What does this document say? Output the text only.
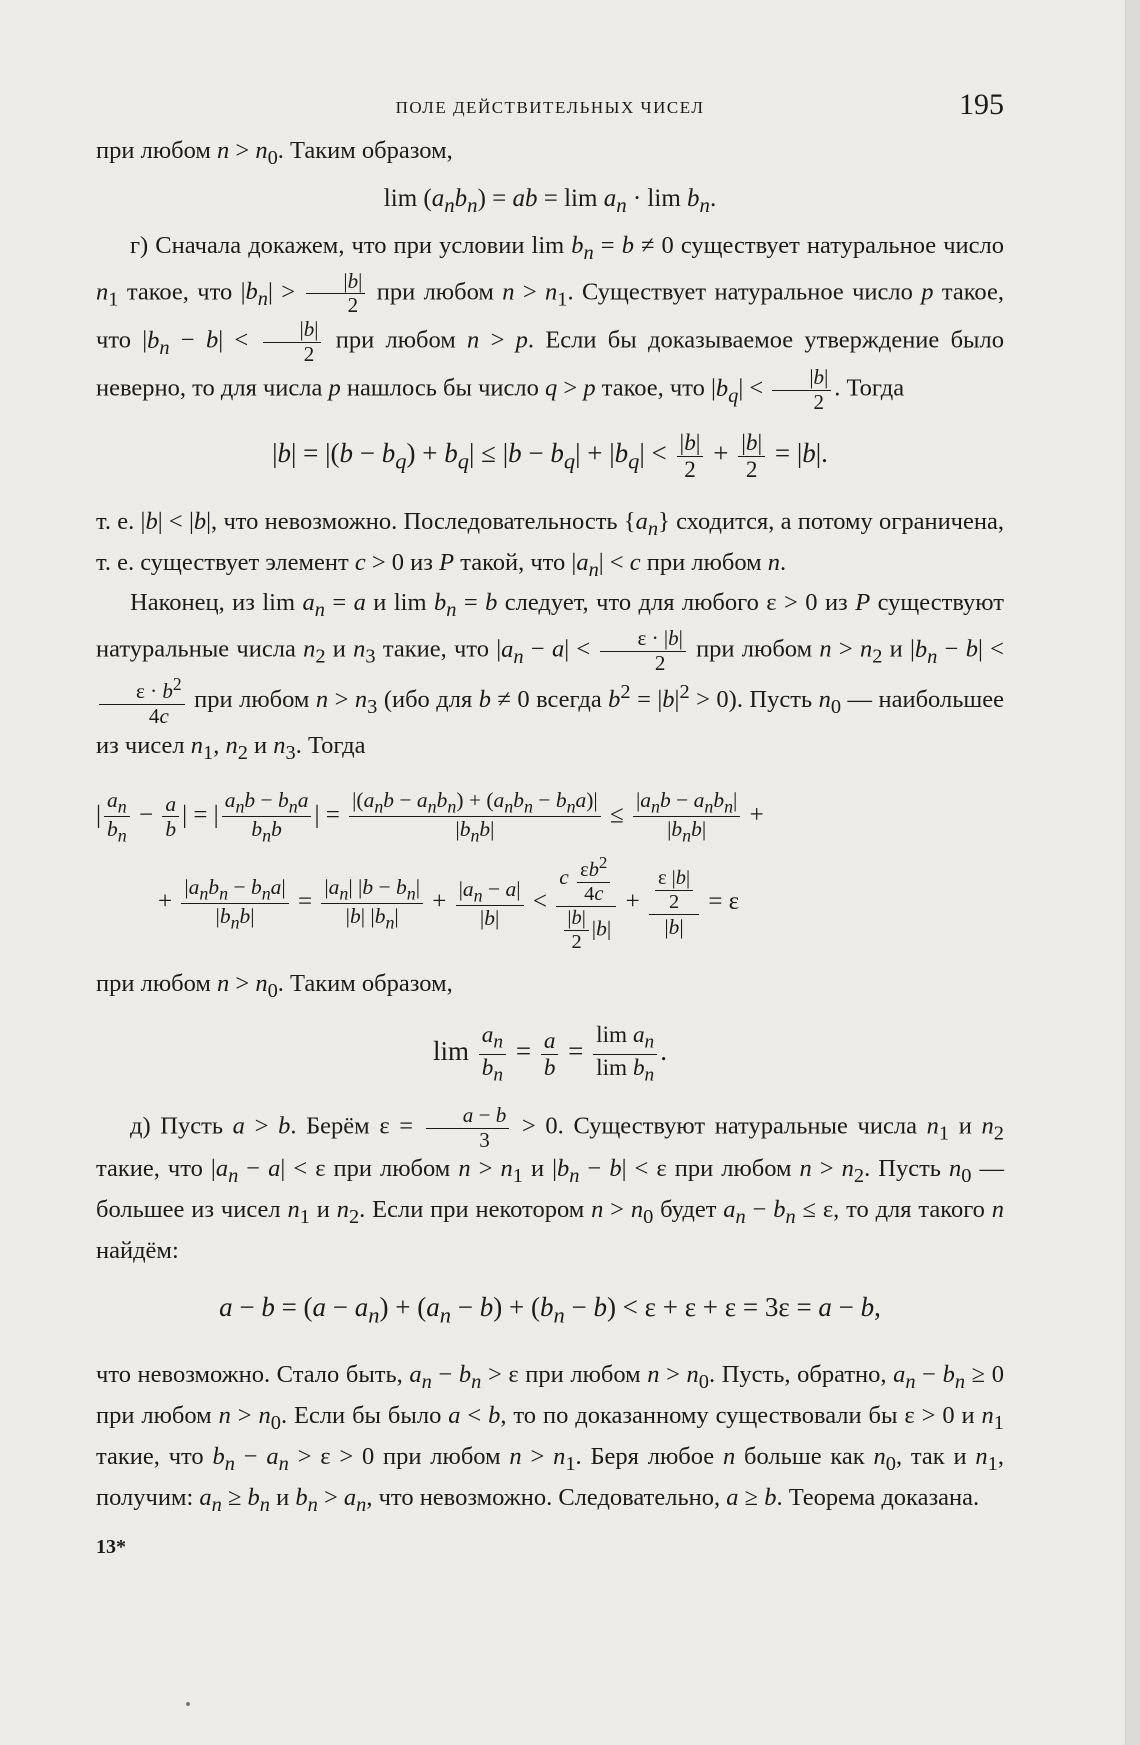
ПОЛЕ ДЕЙСТВИТЕЛЬНЫХ ЧИСЕЛ	195

при любом $n > n_0$. Таким образом,

$\lim (a_nb_n)$ = ab = $\lim a_n \cdot \lim b_n$.

г) Сначала докажем, что при условии $\lim b_n = b \ne 0$ существует натуральное число $n_1$ такое, что $|b_n| > \frac{|b|}{2}$ при любом $n > n_1$. Существует натуральное число p такое, что $|b_n - b| < \frac{|b|}{2}$ при любом n > p. Если бы доказываемое утверждение было неверно, то для числа p нашлось бы число q > p такое, что $|b_q| < \frac{|b|}{2}$ . Тогда

$|b| = |(b - b_q) + b_q| \le |b - b_q| + |b_q| < \frac{|b|}{2} + \frac{|b|}{2} = |b|$.

т. е. |b| < |b|, что невозможно. Последовательность $\{a_n\}$ сходится, а потому ограничена, т. е. существует элемент c > 0 из P такой, что $|a_n| < c$ при любом n.

Наконец, из $\lim a_n = a$ и $\lim b_n = b$ следует, что для любого ε > 0 из P существуют натуральные числа $n_2$ и $n_3$ такие, что $|a_n - a| < \frac{\varepsilon \cdot |b|}{2}$ при любом $n > n_2$ и $|b_n - b|$ <
$\frac{\varepsilon \cdot b^2}{4c}$ при любом $n > n_3$ (ибо для b ≠ 0 всегда $b^2 = |b|^2 > 0$). Пусть $n_0$ — наибольшее из чисел $n_1$, $n_2$ и $n_3$. Тогда

| $\frac{a_n}{b_n} - \frac{a}{b}$ | = | $\frac{a_nb - b_na}{b_nb}$ | = $\frac{|(a_nb - a_nb_n) + (a_nb_n - b_na)|}{|b_nb|} \le \frac{|a_nb - a_nb_n|}{|b_nb|}$ +
+ $\frac{|a_nb_n - b_na|}{|b_nb|} = \frac{|a_n| |b - b_n|}{|b| |b_n|} + \frac{|a_n - a|}{|b|} < \frac{c \frac{\varepsilon b^2}{4c}}{\frac{|b|}{2} |b|} + \frac{\frac{\varepsilon |b|}{2}}{|b|} = \varepsilon$

при любом $n > n_0$. Таким образом,

$\lim \frac{a_n}{b_n} = \frac{a}{b} = \frac{\lim a_n}{\lim b_n}$ .

д) Пусть a > b. Берём $\varepsilon = \frac{a - b}{3} > 0$. Существуют натуральные числа $n_1$ и $n_2$ такие, что $|a_n - a| < \varepsilon$ при любом $n > n_1$ и $|b_n - b| < \varepsilon$ при любом $n > n_2$. Пусть $n_0$ — большее из чисел $n_1$ и $n_2$. Если при некотором $n > n_0$ будет $a_n - b_n \le \varepsilon$, то для такого n найдём:

$a - b = (a - a_n) + (a_n - b) + (b_n - b) < \varepsilon + \varepsilon + \varepsilon = 3\varepsilon = a - b$,

что невозможно. Стало быть, $a_n - b_n > \varepsilon$ при любом $n > n_0$. Пусть, обратно, $a_n - b_n \ge 0$ при любом $n > n_0$. Если бы было a < b, то по доказанному существовали бы ε > 0 и $n_1$ такие, что $b_n - a_n > \varepsilon > 0$ при любом $n > n_1$. Беря любое n больше как $n_0$, так и $n_1$, получим: $a_n \ge b_n$ и $b_n > a_n$, что невозможно. Следовательно, a ≥ b. Теорема доказана.

13*
